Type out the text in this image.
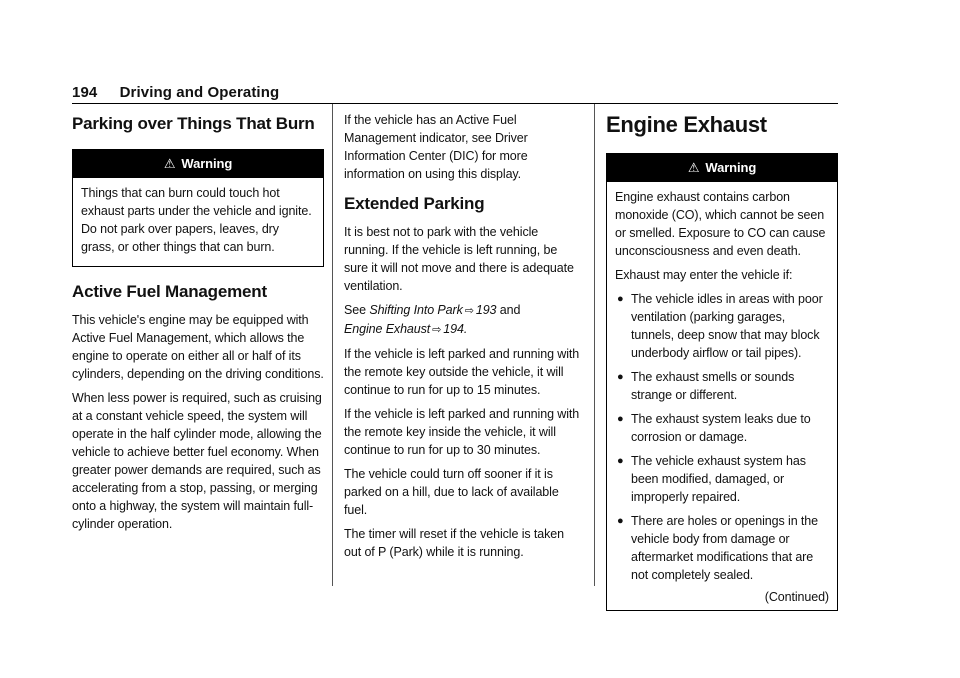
194 Driving and Operating
Parking over Things That Burn
⚠ Warning

Things that can burn could touch hot exhaust parts under the vehicle and ignite. Do not park over papers, leaves, dry grass, or other things that can burn.

Active Fuel Management

This vehicle's engine may be equipped with Active Fuel Management, which allows the engine to operate on either all or half of its cylinders, depending on the driving conditions.

When less power is required, such as cruising at a constant vehicle speed, the system will operate in the half cylinder mode, allowing the vehicle to achieve better fuel economy. When greater power demands are required, such as accelerating from a stop, passing, or merging onto a highway, the system will maintain full-cylinder operation.

If the vehicle has an Active Fuel Management indicator, see Driver Information Center (DIC) for more information on using this display.

Extended Parking

It is best not to park with the vehicle running. If the vehicle is left running, be sure it will not move and there is adequate ventilation.

See Shifting Into Park ⇨ 193 and
Engine Exhaust ⇨ 194.

If the vehicle is left parked and running with the remote key outside the vehicle, it will continue to run for up to 15 minutes.

If the vehicle is left parked and running with the remote key inside the vehicle, it will continue to run for up to 30 minutes.

The vehicle could turn off sooner if it is parked on a hill, due to lack of available fuel.

The timer will reset if the vehicle is taken out of P (Park) while it is running.

Engine Exhaust
⚠ Warning

Engine exhaust contains carbon monoxide (CO), which cannot be seen or smelled. Exposure to CO can cause unconsciousness and even death.

Exhaust may enter the vehicle if:

● The vehicle idles in areas with poor ventilation (parking garages, tunnels, deep snow that may block underbody airflow or tail pipes).
● The exhaust smells or sounds strange or different.
● The exhaust system leaks due to corrosion or damage.
● The vehicle exhaust system has been modified, damaged, or improperly repaired.
● There are holes or openings in the vehicle body from damage or aftermarket modifications that are not completely sealed.
(Continued)
